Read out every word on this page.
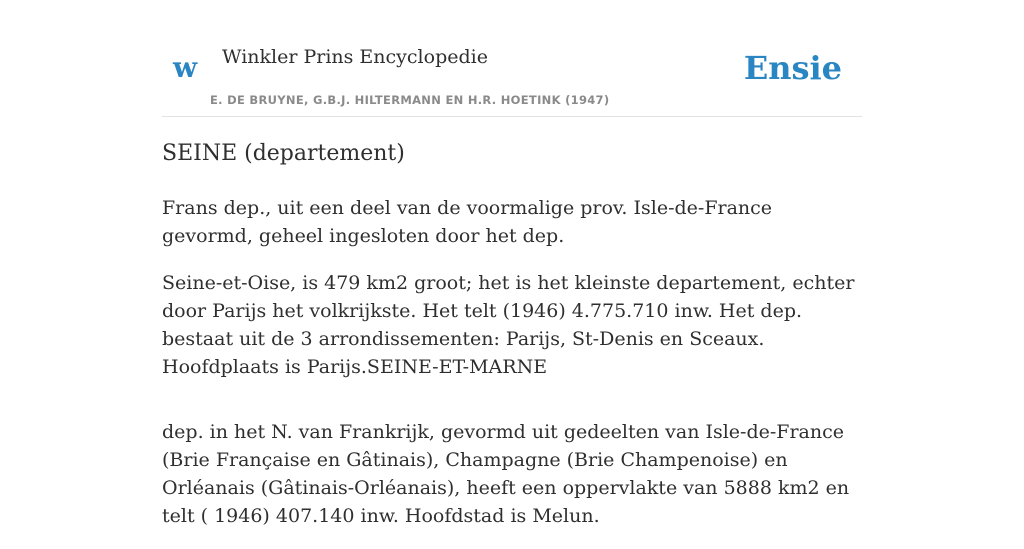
w Winkler Prins Encyclopedie
E. DE BRUYNE, G.B.J. HILTERMANN EN H.R. HOETINK (1947)
Ensie
SEINE (departement)

Frans dep., uit een deel van de voormalige prov. Isle-de-France gevormd, geheel ingesloten door het dep.

Seine-et-Oise, is 479 km2 groot; het is het kleinste departement, echter door Parijs het volkrijkste. Het telt (1946) 4.775.710 inw. Het dep. bestaat uit de 3 arrondissementen: Parijs, St-Denis en Sceaux. Hoofdplaats is Parijs.SEINE-ET-MARNE

dep. in het N. van Frankrijk, gevormd uit gedeelten van Isle-de-France (Brie Française en Gâtinais), Champagne (Brie Champenoise) en Orléanais (Gâtinais-Orléanais), heeft een oppervlakte van 5888 km2 en telt ( 1946) 407.140 inw. Hoofdstad is Melun.
